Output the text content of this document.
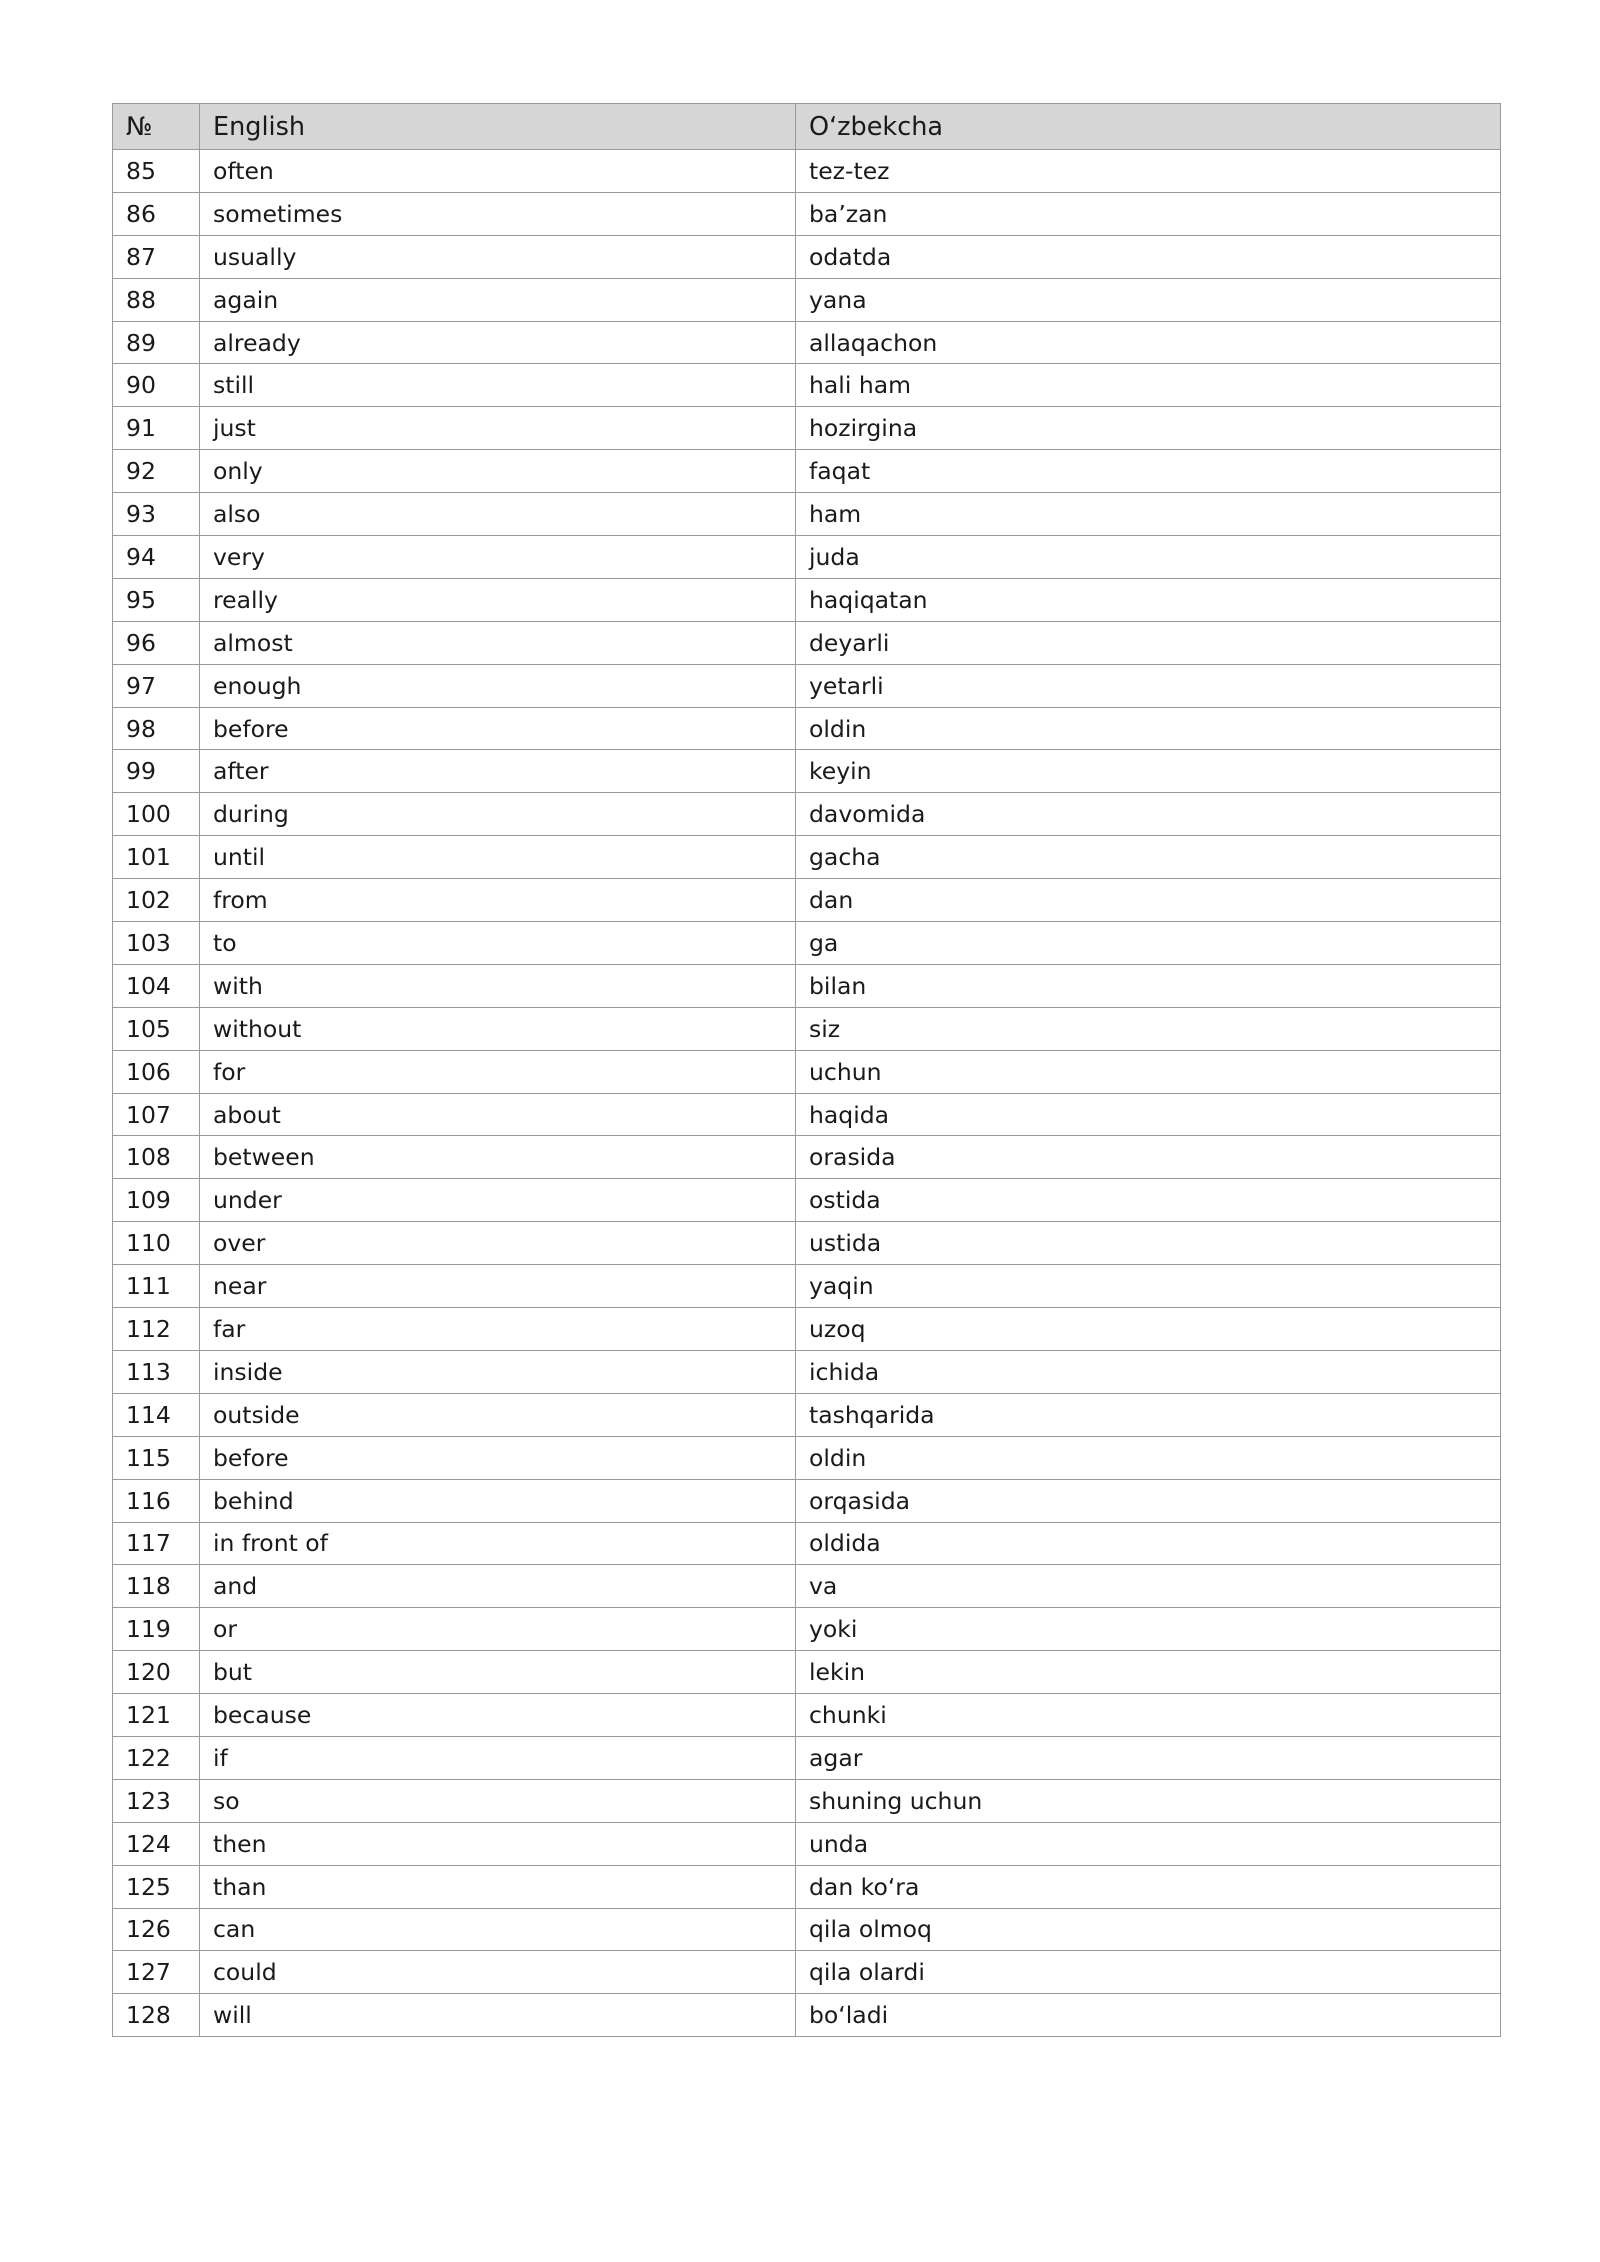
№	English	O‘zbekcha
85	often	tez-tez
86	sometimes	ba’zan
87	usually	odatda
88	again	yana
89	already	allaqachon
90	still	hali ham
91	just	hozirgina
92	only	faqat
93	also	ham
94	very	juda
95	really	haqiqatan
96	almost	deyarli
97	enough	yetarli
98	before	oldin
99	after	keyin
100	during	davomida
101	until	gacha
102	from	dan
103	to	ga
104	with	bilan
105	without	siz
106	for	uchun
107	about	haqida
108	between	orasida
109	under	ostida
110	over	ustida
111	near	yaqin
112	far	uzoq
113	inside	ichida
114	outside	tashqarida
115	before	oldin
116	behind	orqasida
117	in front of	oldida
118	and	va
119	or	yoki
120	but	lekin
121	because	chunki
122	if	agar
123	so	shuning uchun
124	then	unda
125	than	dan ko‘ra
126	can	qila olmoq
127	could	qila olardi
128	will	bo‘ladi
